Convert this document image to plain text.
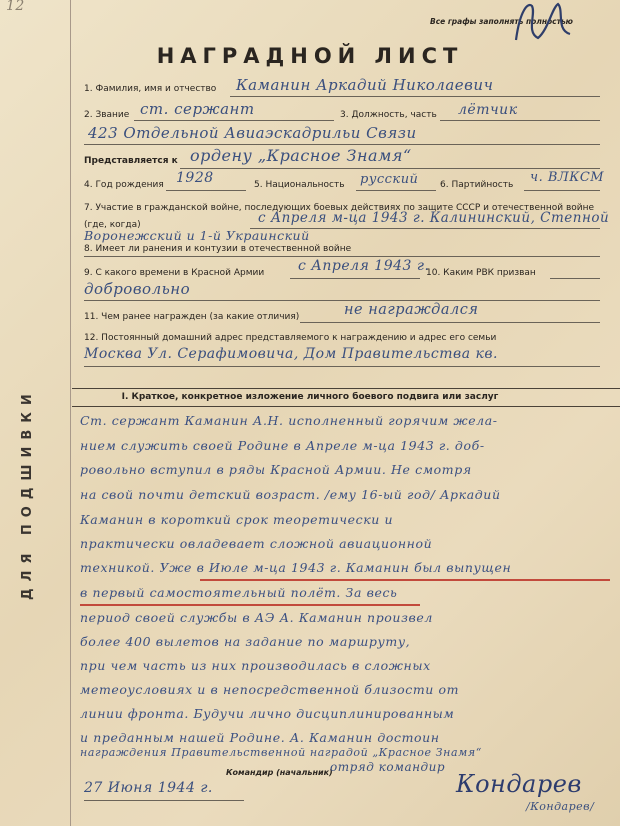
12
Все графы заполнять полностью
НАГРАДНОЙ ЛИСТ
ДЛЯ ПОДШИВКИ
1. Фамилия, имя и отчество Каманин Аркадий Николаевич
2. Звание ст. сержант	3. Должность, часть лётчик
423 Отдельной Авиаэскадрильи Связи
Представляется к ордену „Красное Знамя“
4. Год рождения 1928	5. Национальность русский 6. Партийность ч. ВЛКСМ
7. Участие в гражданской войне, последующих боевых действиях по защите СССР и отечественной войне (где, когда)	с Апреля м-ца 1943 г. Калининский, Степной
Воронежский и 1-й Украинский
8. Имеет ли ранения и контузии в отечественной войне
9. С какого времени в Красной Армии с Апреля 1943 г.
10. Каким РВК призван
добровольно
11. Чем ранее награжден (за какие отличия)	не награждался
12. Постоянный домашний адрес представляемого к награждению и адрес его семьи
Москва Ул. Серафимовича, Дом Правительства кв.
I. Краткое, конкретное изложение личного боевого подвига или заслуг
Ст. сержант Каманин А.Н. исполненный горячим жела-
нием служить своей Родине в Апреле м-ца 1943 г. доб-
ровольно вступил в ряды Красной Армии. Не смотря
на свой почти детский возраст. /ему 16-ый год/ Аркадий
Каманин в короткий срок теоретически и
практически овладевает сложной авиационной
техникой. Уже в Июле м-ца 1943 г. Каманин был выпущен
в первый самостоятельный полёт. За весь
период своей службы в АЭ А. Каманин произвел
более 400 вылетов на задание по маршруту,
при чем часть из них производилась в сложных
метеоусловиях и в непосредственной близости от
линии фронта. Будучи лично дисциплинированным
и преданным нашей Родине. А. Каманин достоин
награждения Правительственной наградой „Красное Знамя“
Командир (начальник)
отряд командир
27 Июня 1944 г.	Кондарев
/Кондарев/
